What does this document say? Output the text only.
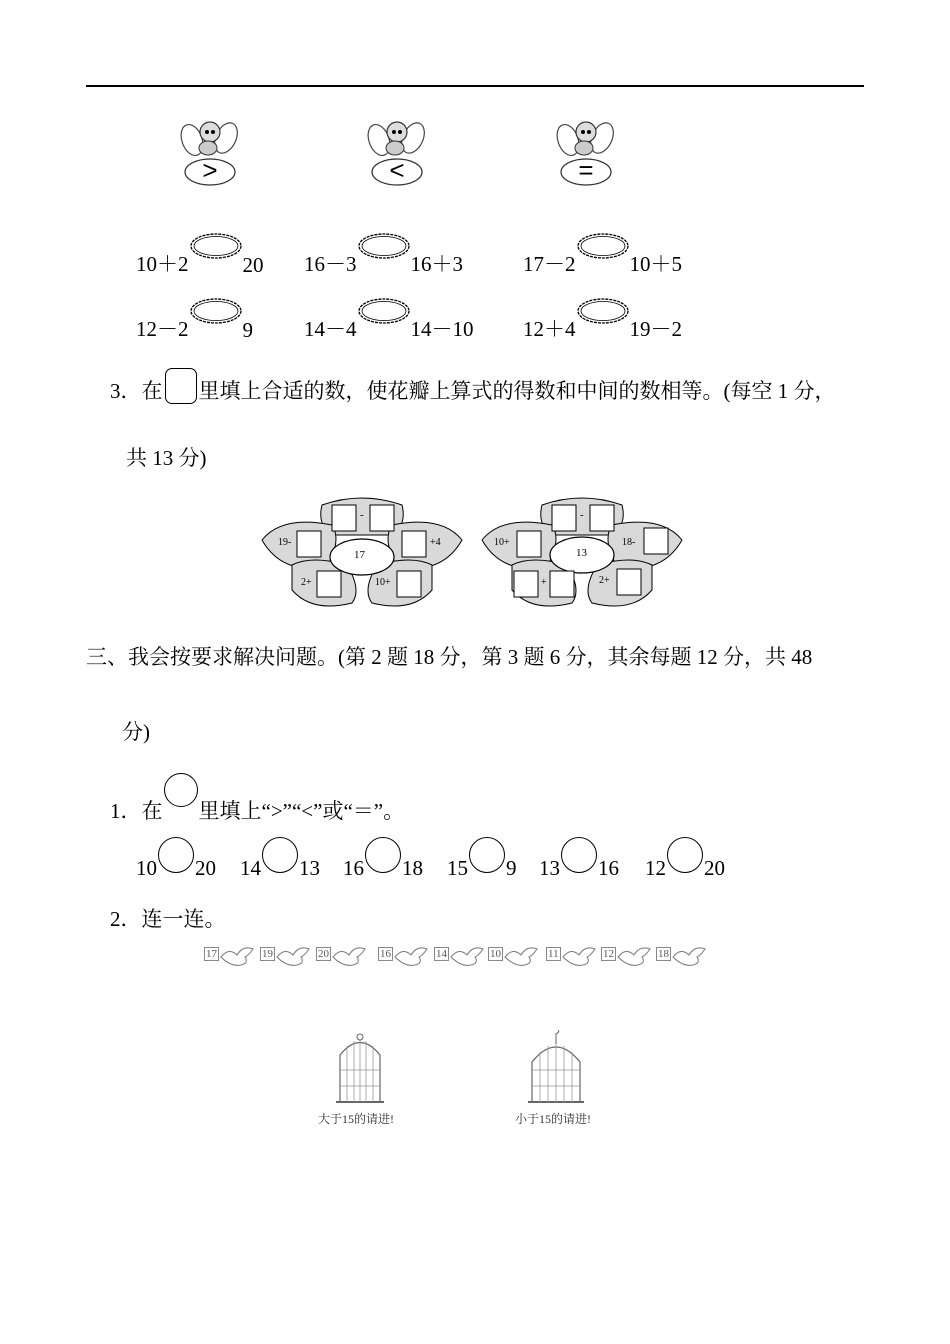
>	<	=
10＋2	20 16－3	16＋3	17－2	10＋5
12－2	9 14－4	14－10 12＋4	19－2
3．在 里填上合适的数，使花瓣上算式的得数和中间的数相等。(每空 1 分，
共 13 分)
17
-
19-	+4
2+	10+
13
-
10+	18-
+	2+
三、我会按要求解决问题。(第 2 题 18 分，第 3 题 6 分，其余每题 12 分，共 48
分)
1．在 里填上“>”“<”或“＝”。
10 20 14 13 16 18 15 9 13 16 12 20
2．连一连。
17	19	20	16	14	10	11	12	18
大于15的请进!	小于15的请进!
